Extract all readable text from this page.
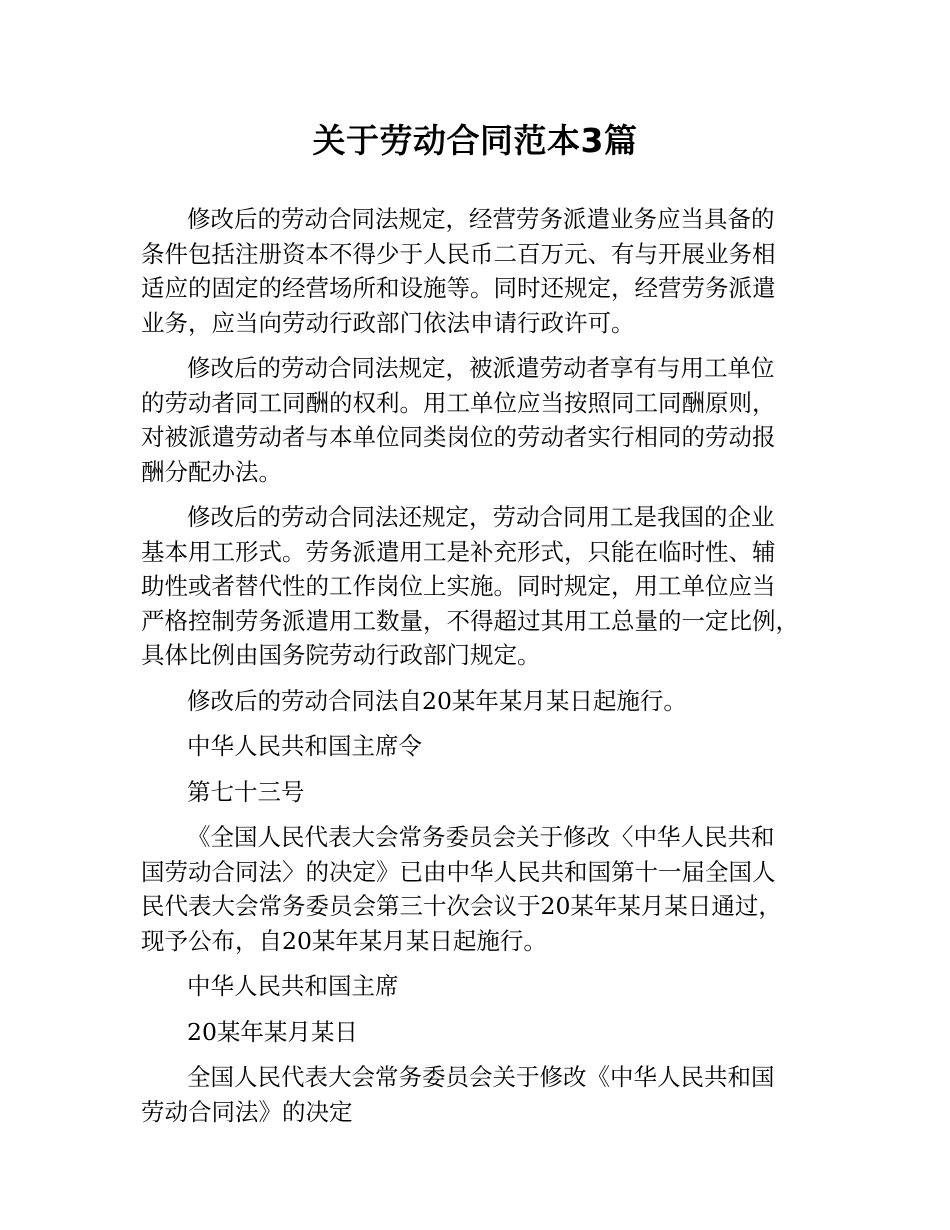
关于劳动合同范本3篇

修改后的劳动合同法规定，经营劳务派遣业务应当具备的
条件包括注册资本不得少于人民币二百万元、有与开展业务相
适应的固定的经营场所和设施等。同时还规定，经营劳务派遣
业务，应当向劳动行政部门依法申请行政许可。

修改后的劳动合同法规定，被派遣劳动者享有与用工单位
的劳动者同工同酬的权利。用工单位应当按照同工同酬原则，
对被派遣劳动者与本单位同类岗位的劳动者实行相同的劳动报
酬分配办法。

修改后的劳动合同法还规定，劳动合同用工是我国的企业
基本用工形式。劳务派遣用工是补充形式，只能在临时性、辅
助性或者替代性的工作岗位上实施。同时规定，用工单位应当
严格控制劳务派遣用工数量，不得超过其用工总量的一定比例，
具体比例由国务院劳动行政部门规定。

修改后的劳动合同法自20某年某月某日起施行。

中华人民共和国主席令

第七十三号

《全国人民代表大会常务委员会关于修改〈中华人民共和
国劳动合同法〉的决定》已由中华人民共和国第十一届全国人
民代表大会常务委员会第三十次会议于20某年某月某日通过，
现予公布，自20某年某月某日起施行。

中华人民共和国主席

20某年某月某日

全国人民代表大会常务委员会关于修改《中华人民共和国
劳动合同法》的决定
